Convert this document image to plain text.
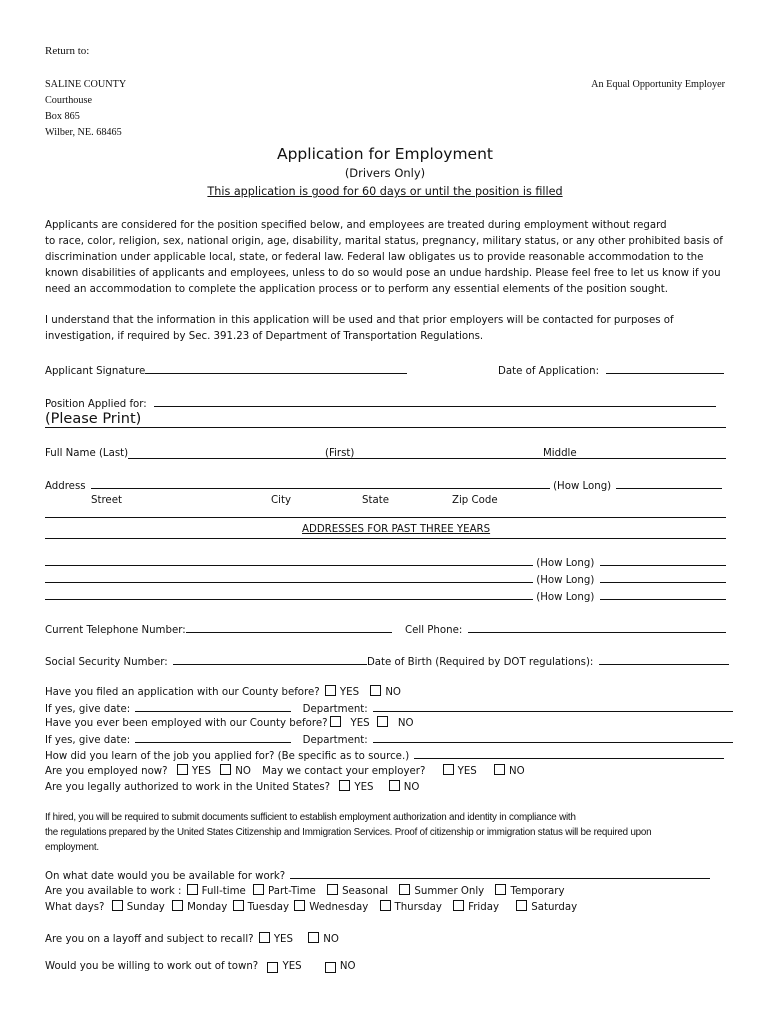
Return to:
SALINE COUNTY
Courthouse
Box 865
Wilber, NE. 68465
An Equal Opportunity Employer
Application for Employment
(Drivers Only)
This application is good for 60 days or until the position is filled
Applicants are considered for the position specified below, and employees are treated during employment without regard
to race, color, religion, sex, national origin, age, disability, marital status, pregnancy, military status, or any other prohibited basis of
discrimination under applicable local, state, or federal law. Federal law obligates us to provide reasonable accommodation to the
known disabilities of applicants and employees, unless to do so would pose an undue hardship. Please feel free to let us know if you
need an accommodation to complete the application process or to perform any essential elements of the position sought.
I understand that the information in this application will be used and that prior employers will be contacted for purposes of
investigation, if required by Sec. 391.23 of Department of Transportation Regulations.
Applicant Signature	Date of Application:
Position Applied for:
(Please Print)
Full Name (Last)	(First)	Middle
Address	(How Long)
Street	City	State	Zip Code
ADDRESSES FOR PAST THREE YEARS
(How Long)
(How Long)
(How Long)
Current Telephone Number:	Cell Phone:
Social Security Number:	Date of Birth (Required by DOT regulations):
Have you filed an application with our County before? YES	NO
If yes, give date:	Department:
Have you ever been employed with our County before? YES	NO
If yes, give date:	Department:
How did you learn of the job you applied for? (Be specific as to source.)
Are you employed now? YES NO May we contact your employer?	YES	NO
Are you legally authorized to work in the United States? YES	NO
If hired, you will be required to submit documents sufficient to establish employment authorization and identity in compliance with
the regulations prepared by the United States Citizenship and Immigration Services. Proof of citizenship or immigration status will be required upon
employment.
On what date would you be available for work?
Are you available to work : Full-time Part-Time	Seasonal	Summer Only	Temporary
What days? Sunday Monday Tuesday Wednesday	Thursday	Friday	Saturday
Are you on a layoff and subject to recall? YES	NO
Would you be willing to work out of town? YES	NO
